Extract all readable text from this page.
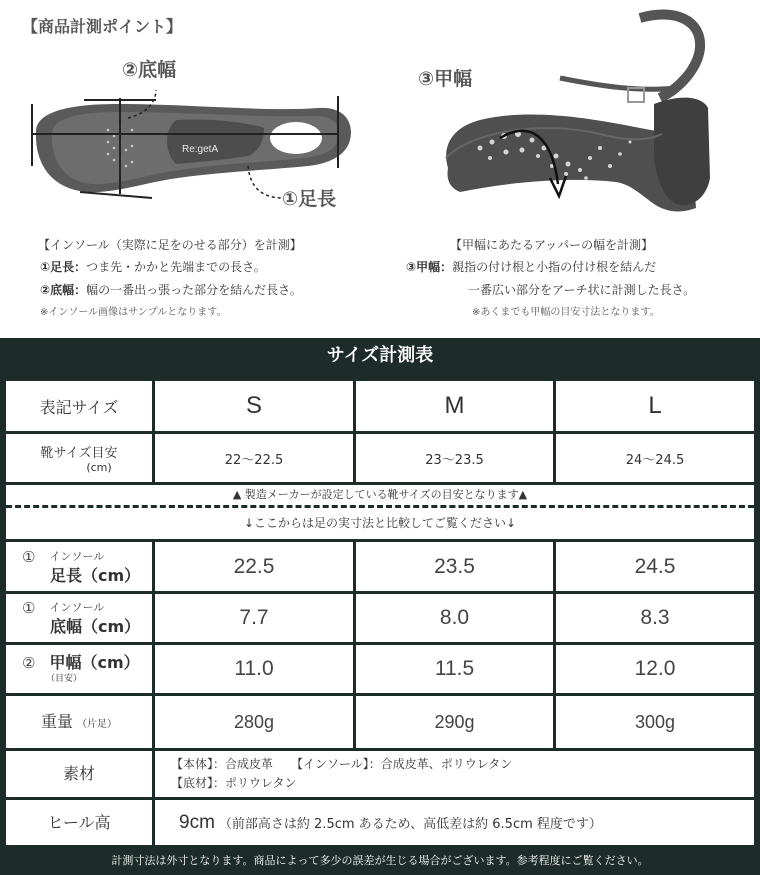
【商品計測ポイント】
Re:getA
②底幅
①足長
③甲幅
【インソール（実際に足をのせる部分）を計測】
①足長：つま先・かかと先端までの長さ。
②底幅：幅の一番出っ張った部分を結んだ長さ。
※インソール画像はサンプルとなります。
【甲幅にあたるアッパーの幅を計測】
③甲幅：親指の付け根と小指の付け根を結んだ
一番広い部分をアーチ状に計測した長さ。
※あくまでも甲幅の目安寸法となります。
サイズ計測表
表記サイズ	S	M	L
靴サイズ目安
(cm)	22～22.5	23～23.5	24～24.5
▲ 製造メーカーが設定している靴サイズの目安となります▲
↓ここからは足の実寸法と比較してご覧ください↓
① インソール
足長（cm）	22.5	23.5	24.5
① インソール
底幅（cm）	7.7	8.0	8.3
② 甲幅（cm）
（目安）	11.0	11.5	12.0
重量 （片足）	280g	290g	300g
素材	【本体】：合成皮革　　【インソール】：合成皮革、ポリウレタン
【底材】：ポリウレタン
ヒール高	9cm （前部高さは約 2.5cm あるため、高低差は約 6.5cm 程度です）
計測寸法は外寸となります。商品によって多少の誤差が生じる場合がございます。参考程度にご覧ください。
